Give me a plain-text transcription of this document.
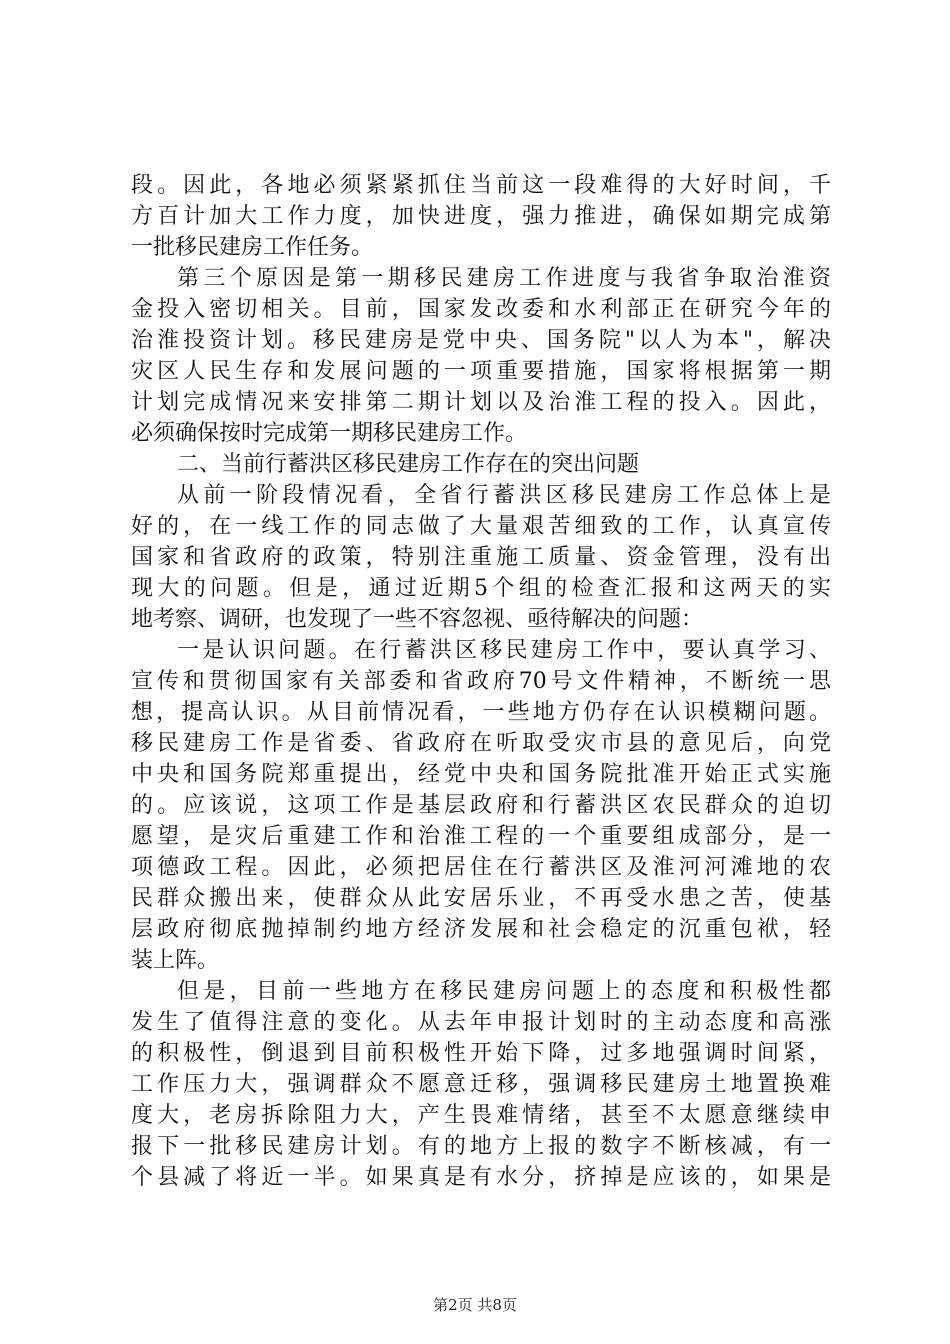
段。因此，各地必须紧紧抓住当前这一段难得的大好时间，千
方百计加大工作力度，加快进度，强力推进，确保如期完成第
一批移民建房工作任务。
第三个原因是第一期移民建房工作进度与我省争取治淮资
金投入密切相关。目前，国家发改委和水利部正在研究今年的
治淮投资计划。移民建房是党中央、国务院"以人为本"，解决
灾区人民生存和发展问题的一项重要措施，国家将根据第一期
计划完成情况来安排第二期计划以及治淮工程的投入。因此，
必须确保按时完成第一期移民建房工作。
二、当前行蓄洪区移民建房工作存在的突出问题
从前一阶段情况看，全省行蓄洪区移民建房工作总体上是
好的，在一线工作的同志做了大量艰苦细致的工作，认真宣传
国家和省政府的政策，特别注重施工质量、资金管理，没有出
现大的问题。但是，通过近期5个组的检查汇报和这两天的实
地考察、调研，也发现了一些不容忽视、亟待解决的问题：
一是认识问题。在行蓄洪区移民建房工作中，要认真学习、
宣传和贯彻国家有关部委和省政府70号文件精神，不断统一思
想，提高认识。从目前情况看，一些地方仍存在认识模糊问题。
移民建房工作是省委、省政府在听取受灾市县的意见后，向党
中央和国务院郑重提出，经党中央和国务院批准开始正式实施
的。应该说，这项工作是基层政府和行蓄洪区农民群众的迫切
愿望，是灾后重建工作和治淮工程的一个重要组成部分，是一
项德政工程。因此，必须把居住在行蓄洪区及淮河河滩地的农
民群众搬出来，使群众从此安居乐业，不再受水患之苦，使基
层政府彻底抛掉制约地方经济发展和社会稳定的沉重包袱，轻
装上阵。
但是，目前一些地方在移民建房问题上的态度和积极性都
发生了值得注意的变化。从去年申报计划时的主动态度和高涨
的积极性，倒退到目前积极性开始下降，过多地强调时间紧，
工作压力大，强调群众不愿意迁移，强调移民建房土地置换难
度大，老房拆除阻力大，产生畏难情绪，甚至不太愿意继续申
报下一批移民建房计划。有的地方上报的数字不断核减，有一
个县减了将近一半。如果真是有水分，挤掉是应该的，如果是
第2页 共8页
